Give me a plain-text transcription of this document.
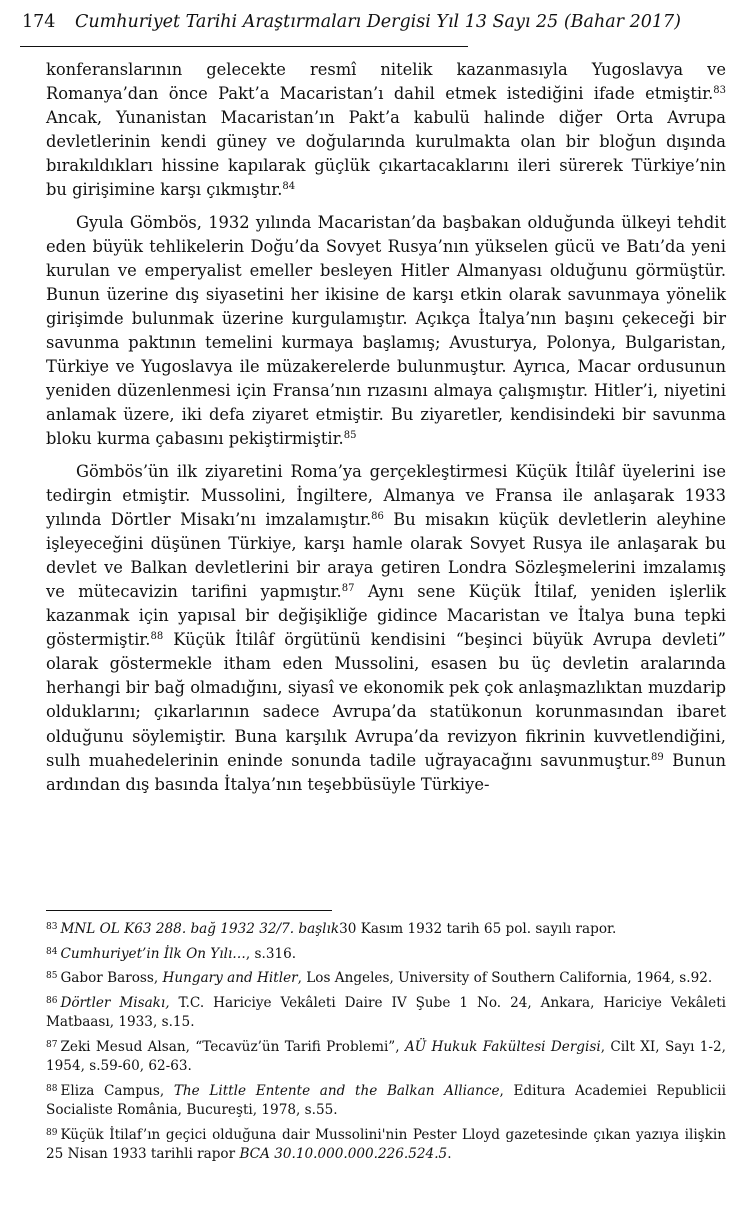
174 Cumhuriyet Tarihi Araştırmaları Dergisi Yıl 13 Sayı 25 (Bahar 2017)

konferanslarının gelecekte resmî nitelik kazanmasıyla Yugoslavya ve Romanya’dan önce Pakt’a Macaristan’ı dahil etmek istediğini ifade etmiştir.$^{83}$ Ancak, Yunanistan Macaristan’ın Pakt’a kabulü halinde diğer Orta Avrupa devletlerinin kendi güney ve doğularında kurulmakta olan bir bloğun dışında bırakıldıkları hissine kapılarak güçlük çıkartacaklarını ileri sürerek Türkiye’nin bu girişimine karşı çıkmıştır.$^{84}$

Gyula Gömbös, 1932 yılında Macaristan’da başbakan olduğunda ülkeyi tehdit eden büyük tehlikelerin Doğu’da Sovyet Rusya’nın yükselen gücü ve Batı’da yeni kurulan ve emperyalist emeller besleyen Hitler Almanyası olduğunu görmüştür. Bunun üzerine dış siyasetini her ikisine de karşı etkin olarak savunmaya yönelik girişimde bulunmak üzerine kurgulamıştır. Açıkça İtalya’nın başını çekeceği bir savunma paktının temelini kurmaya başlamış; Avusturya, Polonya, Bulgaristan, Türkiye ve Yugoslavya ile müzakerelerde bulunmuştur. Ayrıca, Macar ordusunun yeniden düzenlenmesi için Fransa’nın rızasını almaya çalışmıştır. Hitler’i, niyetini anlamak üzere, iki defa ziyaret etmiştir. Bu ziyaretler, kendisindeki bir savunma bloku kurma çabasını pekiştirmiştir.$^{85}$

Gömbös’ün ilk ziyaretini Roma’ya gerçekleştirmesi Küçük İtilâf üyelerini ise tedirgin etmiştir. Mussolini, İngiltere, Almanya ve Fransa ile anlaşarak 1933 yılında Dörtler Misakı’nı imzalamıştır.$^{86}$ Bu misakın küçük devletlerin aleyhine işleyeceğini düşünen Türkiye, karşı hamle olarak Sovyet Rusya ile anlaşarak bu devlet ve Balkan devletlerini bir araya getiren Londra Sözleşmelerini imzalamış ve mütecavizin tarifini yapmıştır.$^{87}$ Aynı sene Küçük İtilaf, yeniden işlerlik kazanmak için yapısal bir değişikliğe gidince Macaristan ve İtalya buna tepki göstermiştir.$^{88}$ Küçük İtilâf örgütünü kendisini “beşinci büyük Avrupa devleti” olarak göstermekle itham eden Mussolini, esasen bu üç devletin aralarında herhangi bir bağ olmadığını, siyasî ve ekonomik pek çok anlaşmazlıktan muzdarip olduklarını; çıkarlarının sadece Avrupa’da statükonun korunmasından ibaret olduğunu söylemiştir. Buna karşılık Avrupa’da revizyon fikrinin kuvvetlendiğini, sulh muahedelerinin eninde sonunda tadile uğrayacağını savunmuştur.$^{89}$ Bunun ardından dış basında İtalya’nın teşebbüsüyle Türkiye-

$^{83}$ MNL OL K63 288. bağ 1932 32/7. başlık30 Kasım 1932 tarih 65 pol. sayılı rapor.
$^{84}$ Cumhuriyet’in İlk On Yılı…, s.316.
$^{85}$ Gabor Baross, Hungary and Hitler, Los Angeles, University of Southern California, 1964, s.92.
$^{86}$ Dörtler Misakı, T.C. Hariciye Vekâleti Daire IV Şube 1 No. 24, Ankara, Hariciye Vekâleti Matbaası, 1933, s.15.
$^{87}$ Zeki Mesud Alsan, “Tecavüz’ün Tarifi Problemi”, AÜ Hukuk Fakültesi Dergisi, Cilt XI, Sayı 1-2, 1954, s.59-60, 62-63.
$^{88}$ Eliza Campus, The Little Entente and the Balkan Alliance, Editura Academiei Republicii Socialiste România, Bucureşti, 1978, s.55.
$^{89}$ Küçük İtilaf’ın geçici olduğuna dair Mussolini'nin Pester Lloyd gazetesinde çıkan yazıya ilişkin 25 Nisan 1933 tarihli rapor BCA 30.10.000.000.226.524.5.
